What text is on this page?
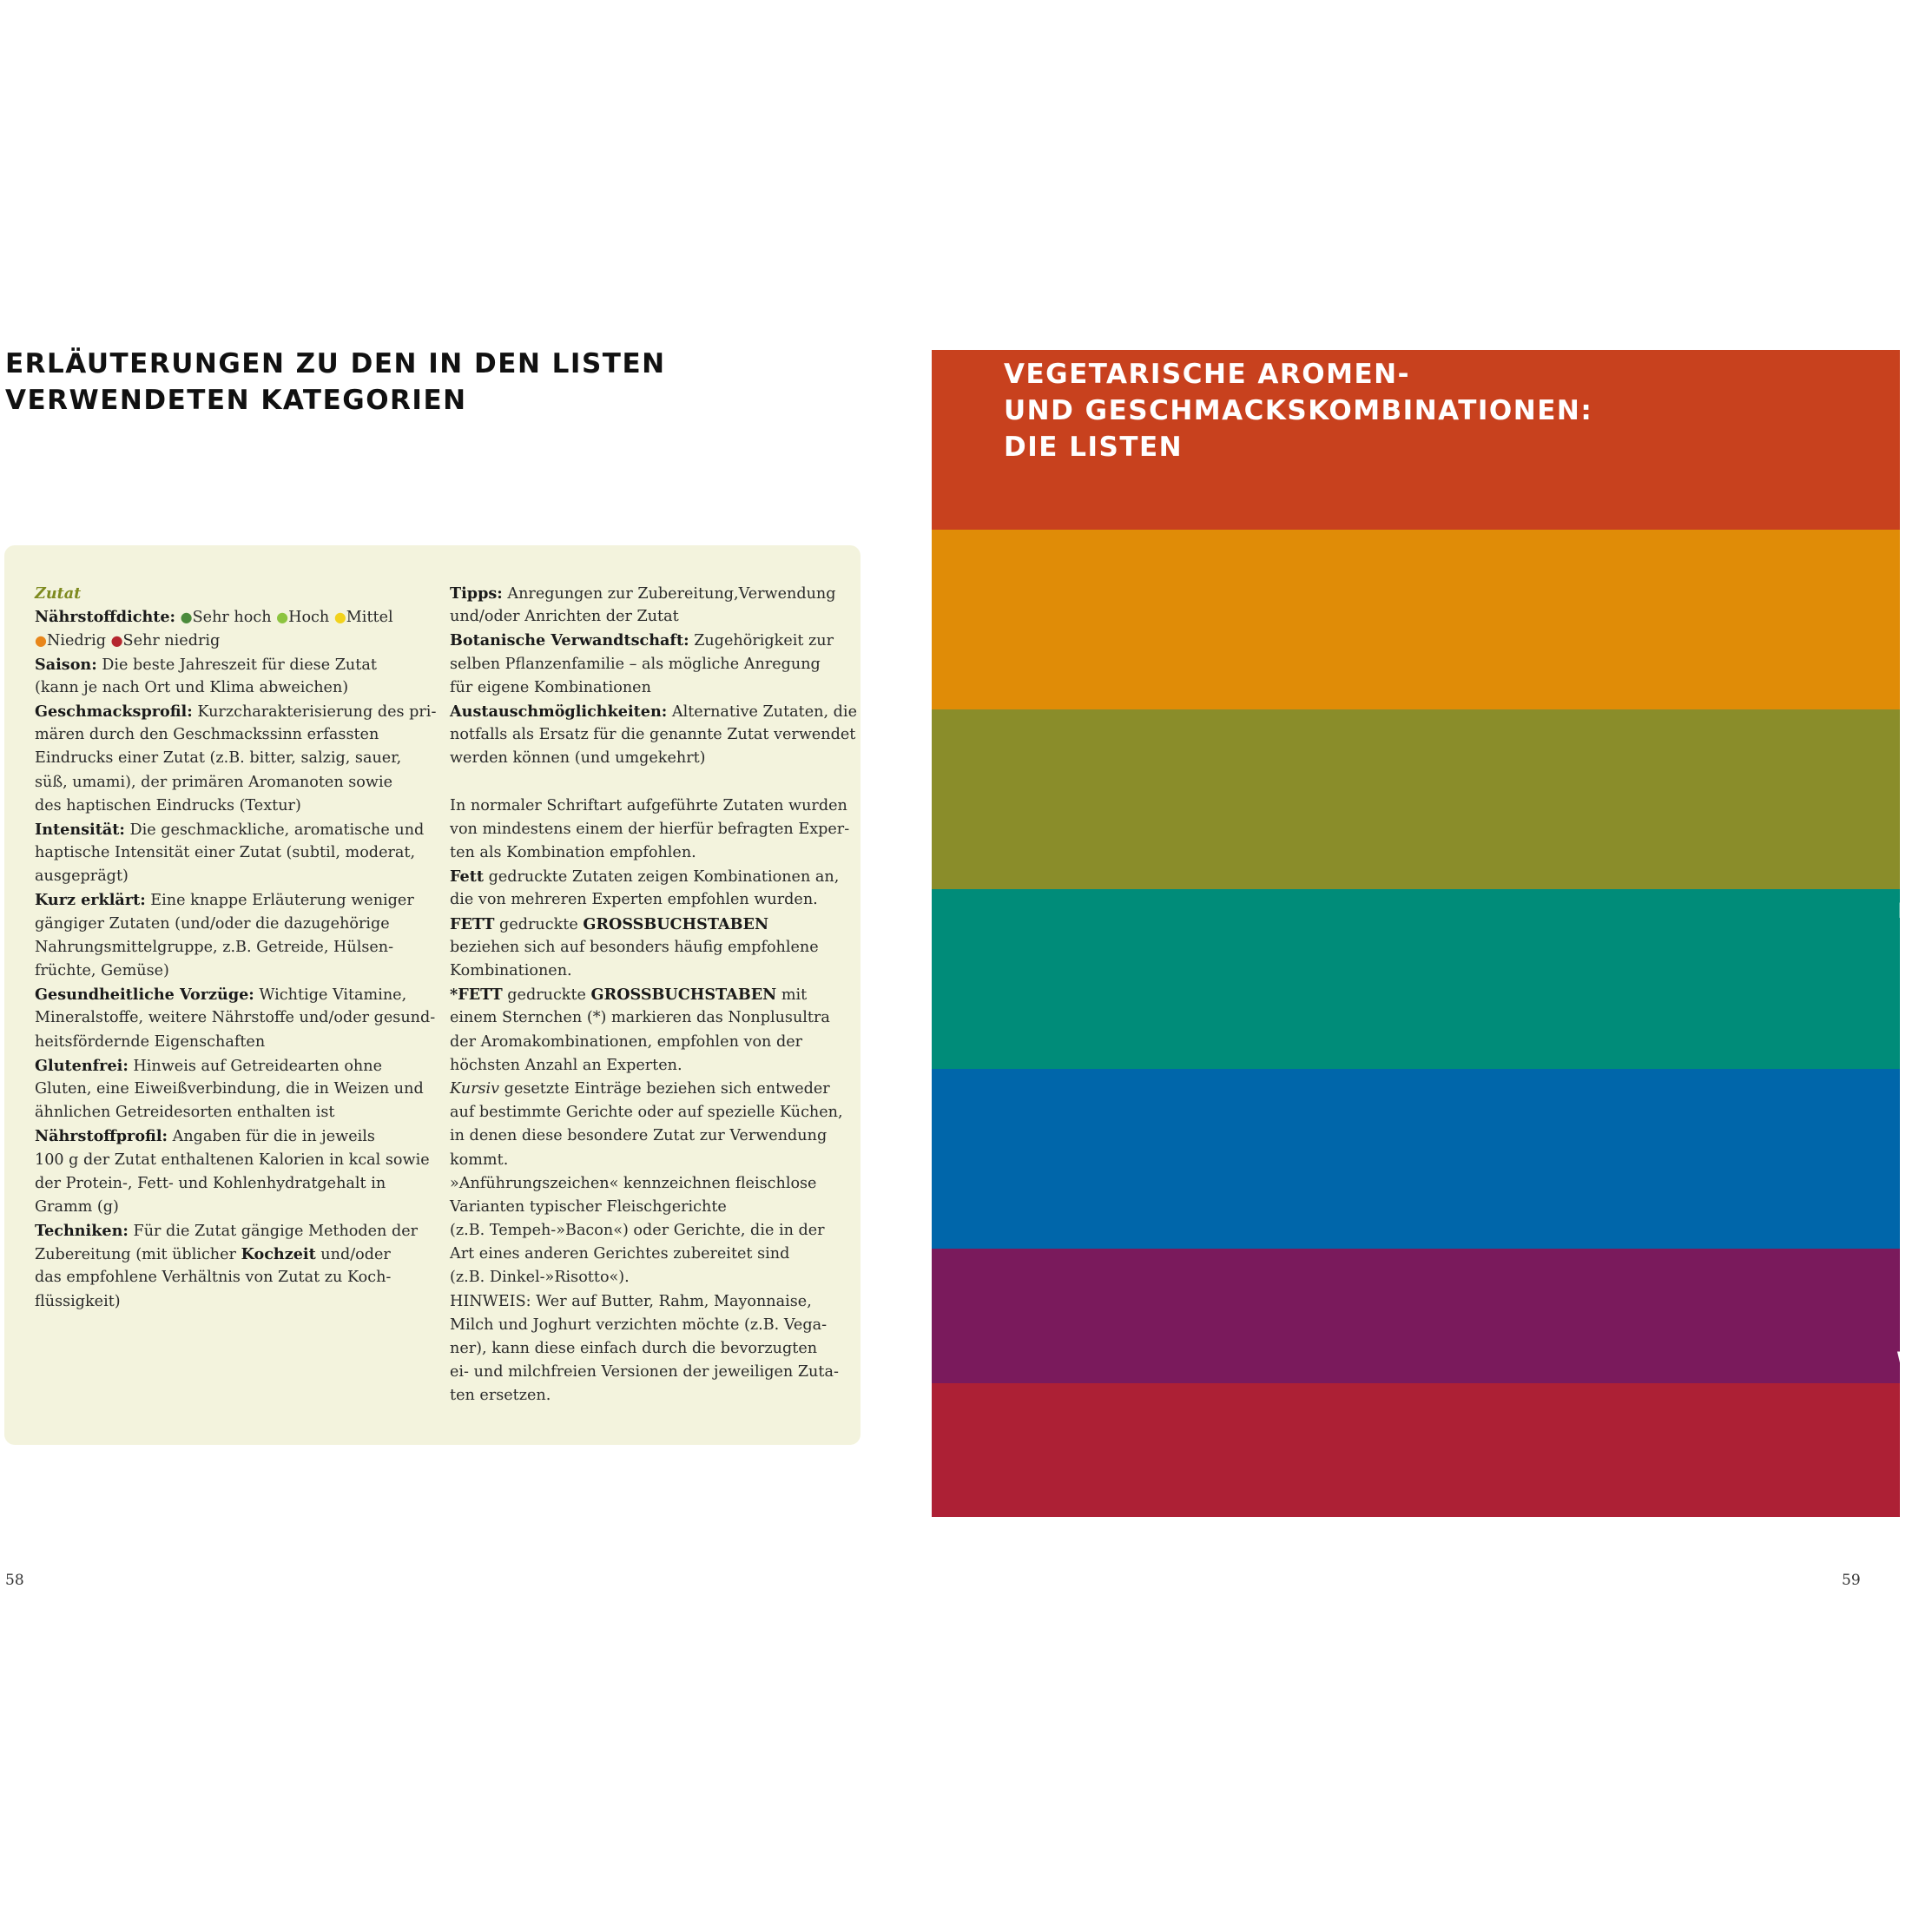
ERLÄUTERUNGEN ZU DEN IN DEN LISTEN
VERWENDETEN KATEGORIEN
Zutat
Nährstoffdichte: ●Sehr hoch ●Hoch ●Mittel
●Niedrig ●Sehr niedrig
Saison: Die beste Jahreszeit für diese Zutat
(kann je nach Ort und Klima abweichen)
Geschmacksprofil: Kurzcharakterisierung des pri-
mären durch den Geschmackssinn erfassten
Eindrucks einer Zutat (z.B. bitter, salzig, sauer,
süß, umami), der primären Aromanoten sowie
des haptischen Eindrucks (Textur)
Intensität: Die geschmackliche, aromatische und
haptische Intensität einer Zutat (subtil, moderat,
ausgeprägt)
Kurz erklärt: Eine knappe Erläuterung weniger
gängiger Zutaten (und/oder die dazugehörige
Nahrungsmittelgruppe, z.B. Getreide, Hülsen-
früchte, Gemüse)
Gesundheitliche Vorzüge: Wichtige Vitamine,
Mineralstoffe, weitere Nährstoffe und/oder gesund-
heitsfördernde Eigenschaften
Glutenfrei: Hinweis auf Getreidearten ohne
Gluten, eine Eiweißverbindung, die in Weizen und
ähnlichen Getreidesorten enthalten ist
Nährstoffprofil: Angaben für die in jeweils
100 g der Zutat enthaltenen Kalorien in kcal sowie
der Protein-, Fett- und Kohlenhydratgehalt in
Gramm (g)
Techniken: Für die Zutat gängige Methoden der
Zubereitung (mit üblicher Kochzeit und/oder
das empfohlene Verhältnis von Zutat zu Koch-
flüssigkeit)
Tipps: Anregungen zur Zubereitung,Verwendung
und/oder Anrichten der Zutat
Botanische Verwandtschaft: Zugehörigkeit zur
selben Pflanzenfamilie – als mögliche Anregung
für eigene Kombinationen
Austauschmöglichkeiten: Alternative Zutaten, die
notfalls als Ersatz für die genannte Zutat verwendet
werden können (und umgekehrt)
In normaler Schriftart aufgeführte Zutaten wurden
von mindestens einem der hierfür befragten Exper-
ten als Kombination empfohlen.
Fett gedruckte Zutaten zeigen Kombinationen an,
die von mehreren Experten empfohlen wurden.
FETT gedruckte GROSSBUCHSTABEN
beziehen sich auf besonders häufig empfohlene
Kombinationen.
*FETT gedruckte GROSSBUCHSTABEN mit
einem Sternchen (*) markieren das Nonplusultra
der Aromakombinationen, empfohlen von der
höchsten Anzahl an Experten.
Kursiv gesetzte Einträge beziehen sich entweder
auf bestimmte Gerichte oder auf spezielle Küchen,
in denen diese besondere Zutat zur Verwendung
kommt.
»Anführungszeichen« kennzeichnen fleischlose
Varianten typischer Fleischgerichte
(z.B. Tempeh-»Bacon«) oder Gerichte, die in der
Art eines anderen Gerichtes zubereitet sind
(z.B. Dinkel-»Risotto«).
HINWEIS: Wer auf Butter, Rahm, Mayonnaise,
Milch und Joghurt verzichten möchte (z.B. Vega-
ner), kann diese einfach durch die bevorzugten
ei- und milchfreien Versionen der jeweiligen Zuta-
ten ersetzen.
58	59
VEGETARISCHE AROMEN-
UND GESCHMACKSKOMBINATIONEN:
DIE LISTEN
A
B
C
D
E
F
G
H
I
J
K
L
M
N
O
P
Q
R
S
T
U
V
W
X
Y
Z
